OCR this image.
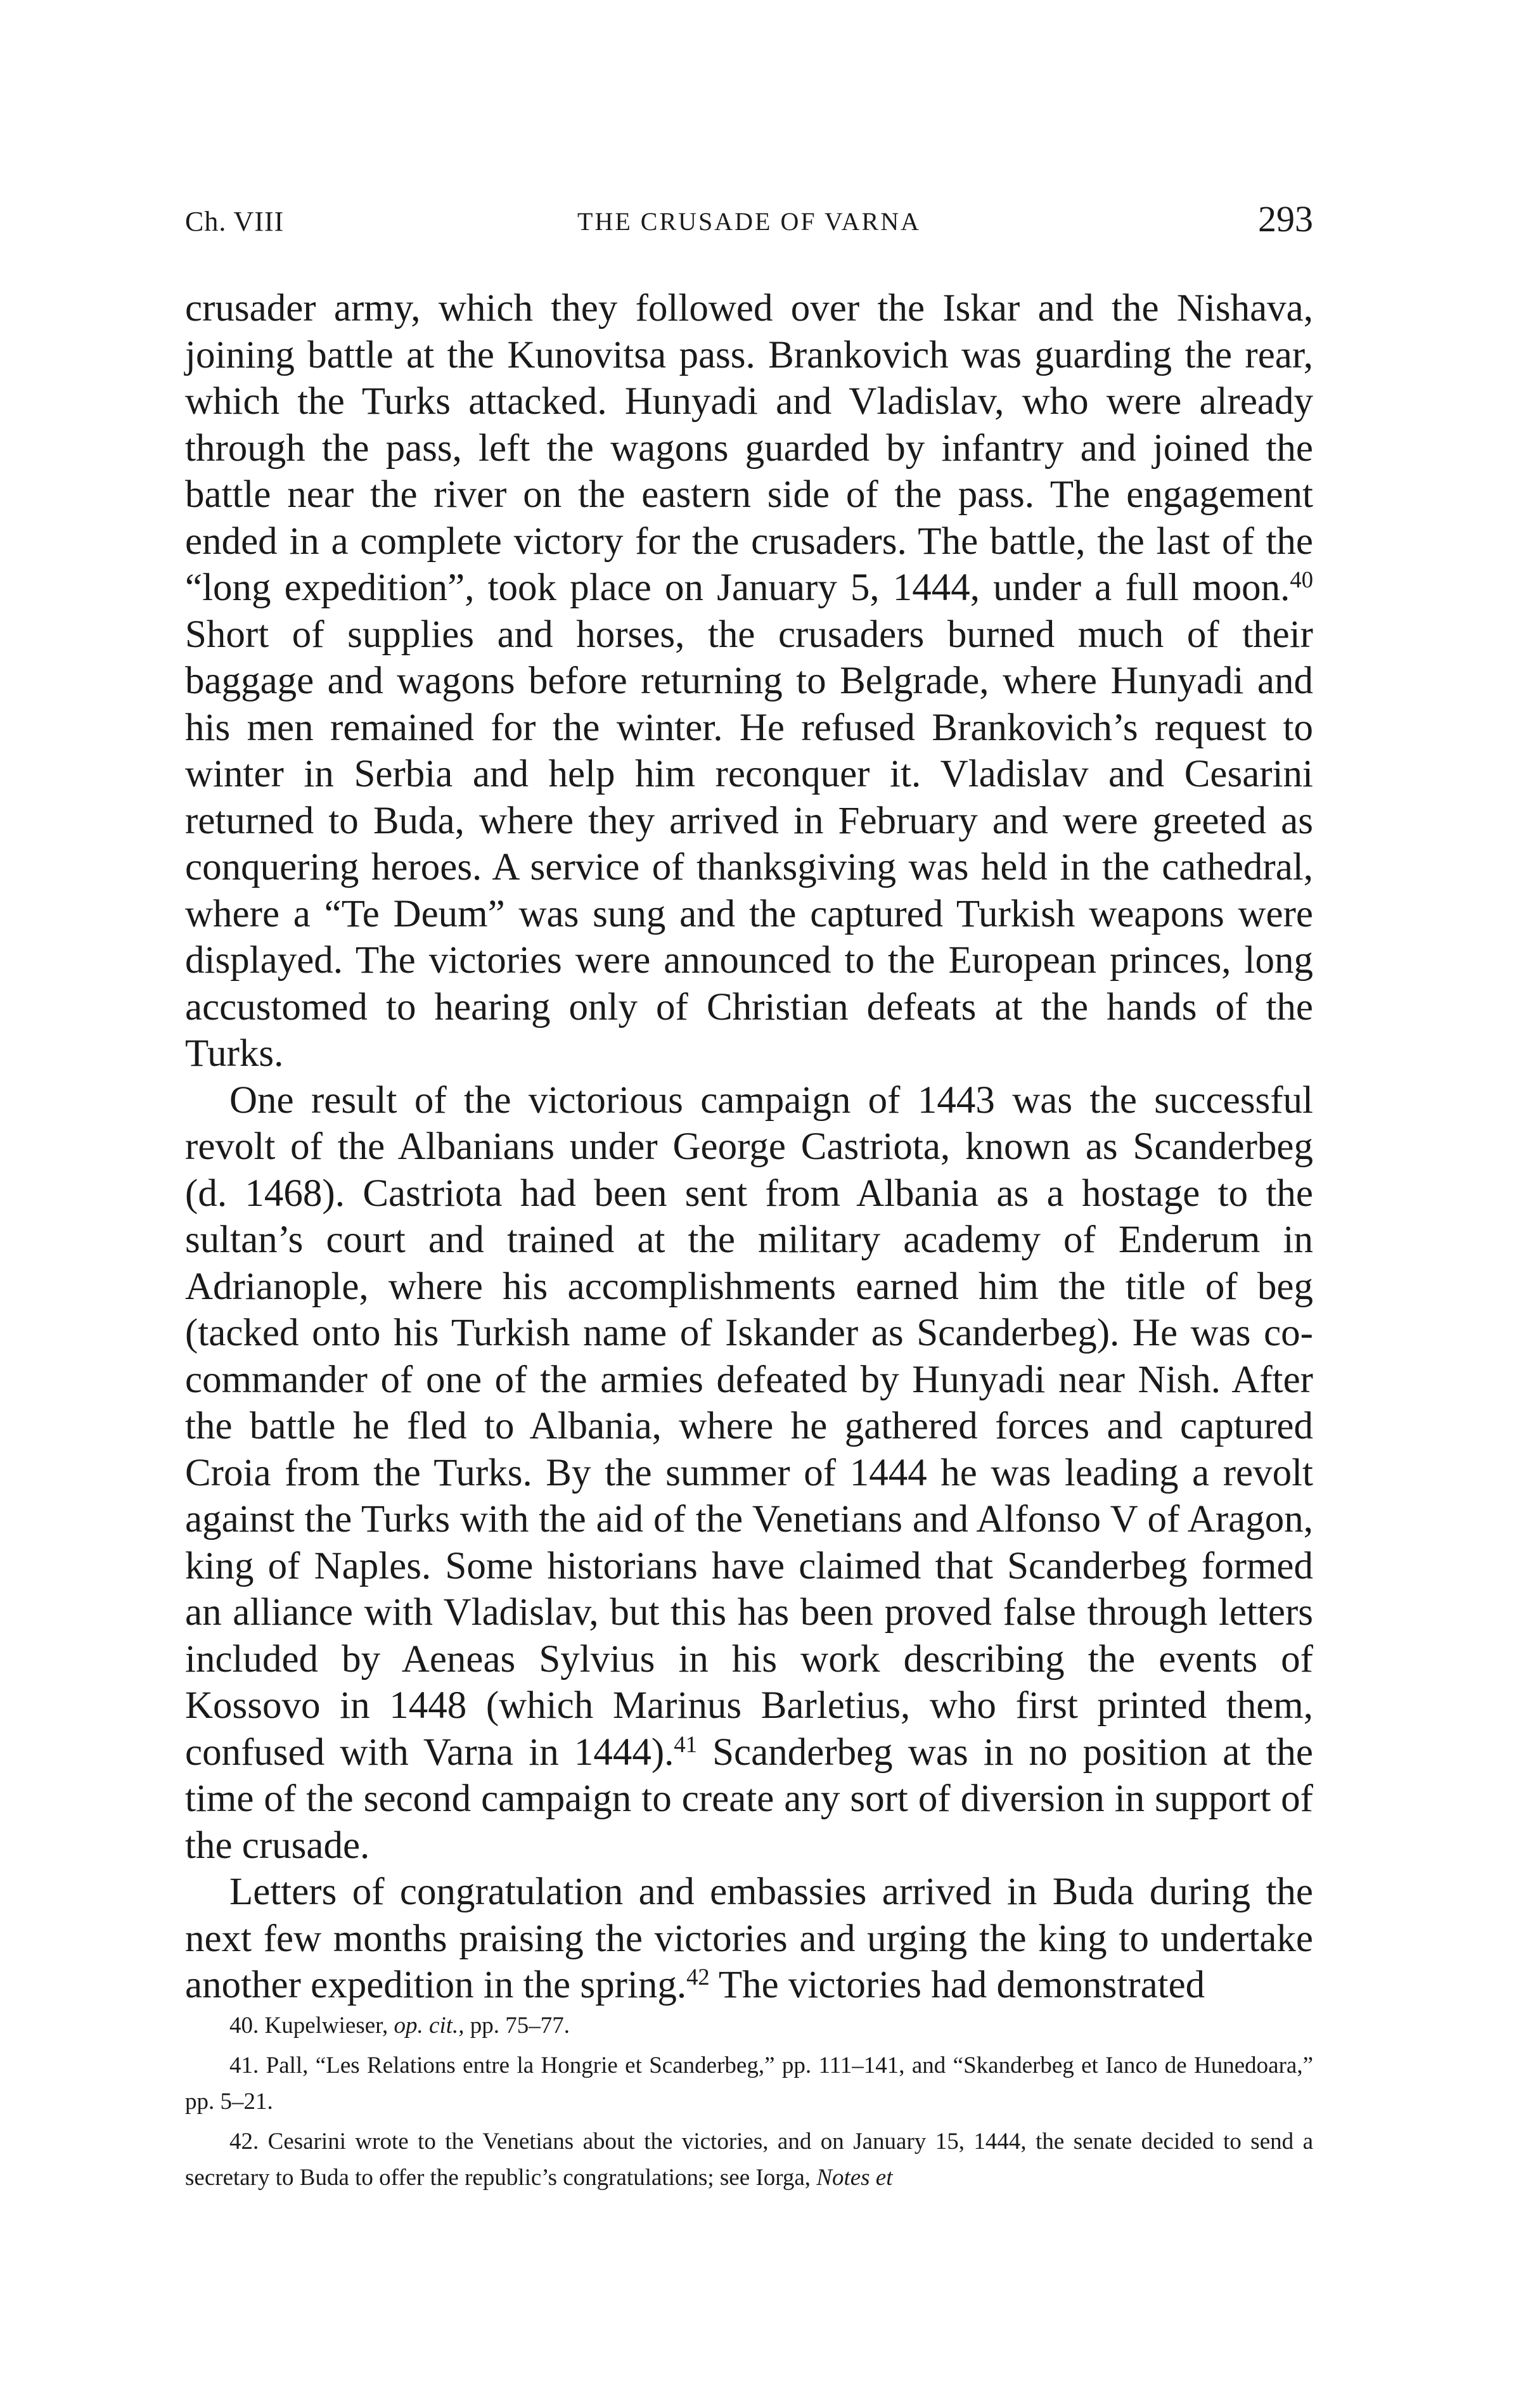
Ch. VIII	THE CRUSADE OF VARNA	293

crusader army, which they followed over the Iskar and the Nishava, joining battle at the Kunovitsa pass. Brankovich was guarding the rear, which the Turks attacked. Hunyadi and Vladislav, who were already through the pass, left the wagons guarded by infantry and joined the battle near the river on the eastern side of the pass. The engagement ended in a complete victory for the crusaders. The battle, the last of the “long expedition”, took place on January 5, 1444, under a full moon.$^{40}$ Short of supplies and horses, the crusaders burned much of their baggage and wagons before returning to Belgrade, where Hunyadi and his men remained for the winter. He refused Brankovich’s request to winter in Serbia and help him reconquer it. Vladislav and Cesarini returned to Buda, where they arrived in February and were greeted as conquering heroes. A service of thanksgiving was held in the cathedral, where a “Te Deum” was sung and the captured Turkish weapons were displayed. The victories were announced to the European princes, long accustomed to hearing only of Christian defeats at the hands of the Turks.

One result of the victorious campaign of 1443 was the successful revolt of the Albanians under George Castriota, known as Scanderbeg (d. 1468). Castriota had been sent from Albania as a hostage to the sultan’s court and trained at the military academy of Enderum in Adrianople, where his accomplishments earned him the title of beg (tacked onto his Turkish name of Iskander as Scanderbeg). He was co-commander of one of the armies defeated by Hunyadi near Nish. After the battle he fled to Albania, where he gathered forces and captured Croia from the Turks. By the summer of 1444 he was leading a revolt against the Turks with the aid of the Venetians and Alfonso V of Aragon, king of Naples. Some historians have claimed that Scanderbeg formed an alliance with Vladislav, but this has been proved false through letters included by Aeneas Sylvius in his work describing the events of Kossovo in 1448 (which Marinus Barletius, who first printed them, confused with Varna in 1444).$^{41}$ Scanderbeg was in no position at the time of the second campaign to create any sort of diversion in support of the crusade.

Letters of congratulation and embassies arrived in Buda during the next few months praising the victories and urging the king to undertake another expedition in the spring.$^{42}$ The victories had demonstrated

40. Kupelwieser, op. cit., pp. 75–77.

41. Pall, “Les Relations entre la Hongrie et Scanderbeg,” pp. 111–141, and “Skanderbeg et Ianco de Hunedoara,” pp. 5–21.

42. Cesarini wrote to the Venetians about the victories, and on January 15, 1444, the senate decided to send a secretary to Buda to offer the republic’s congratulations; see Iorga, Notes et
